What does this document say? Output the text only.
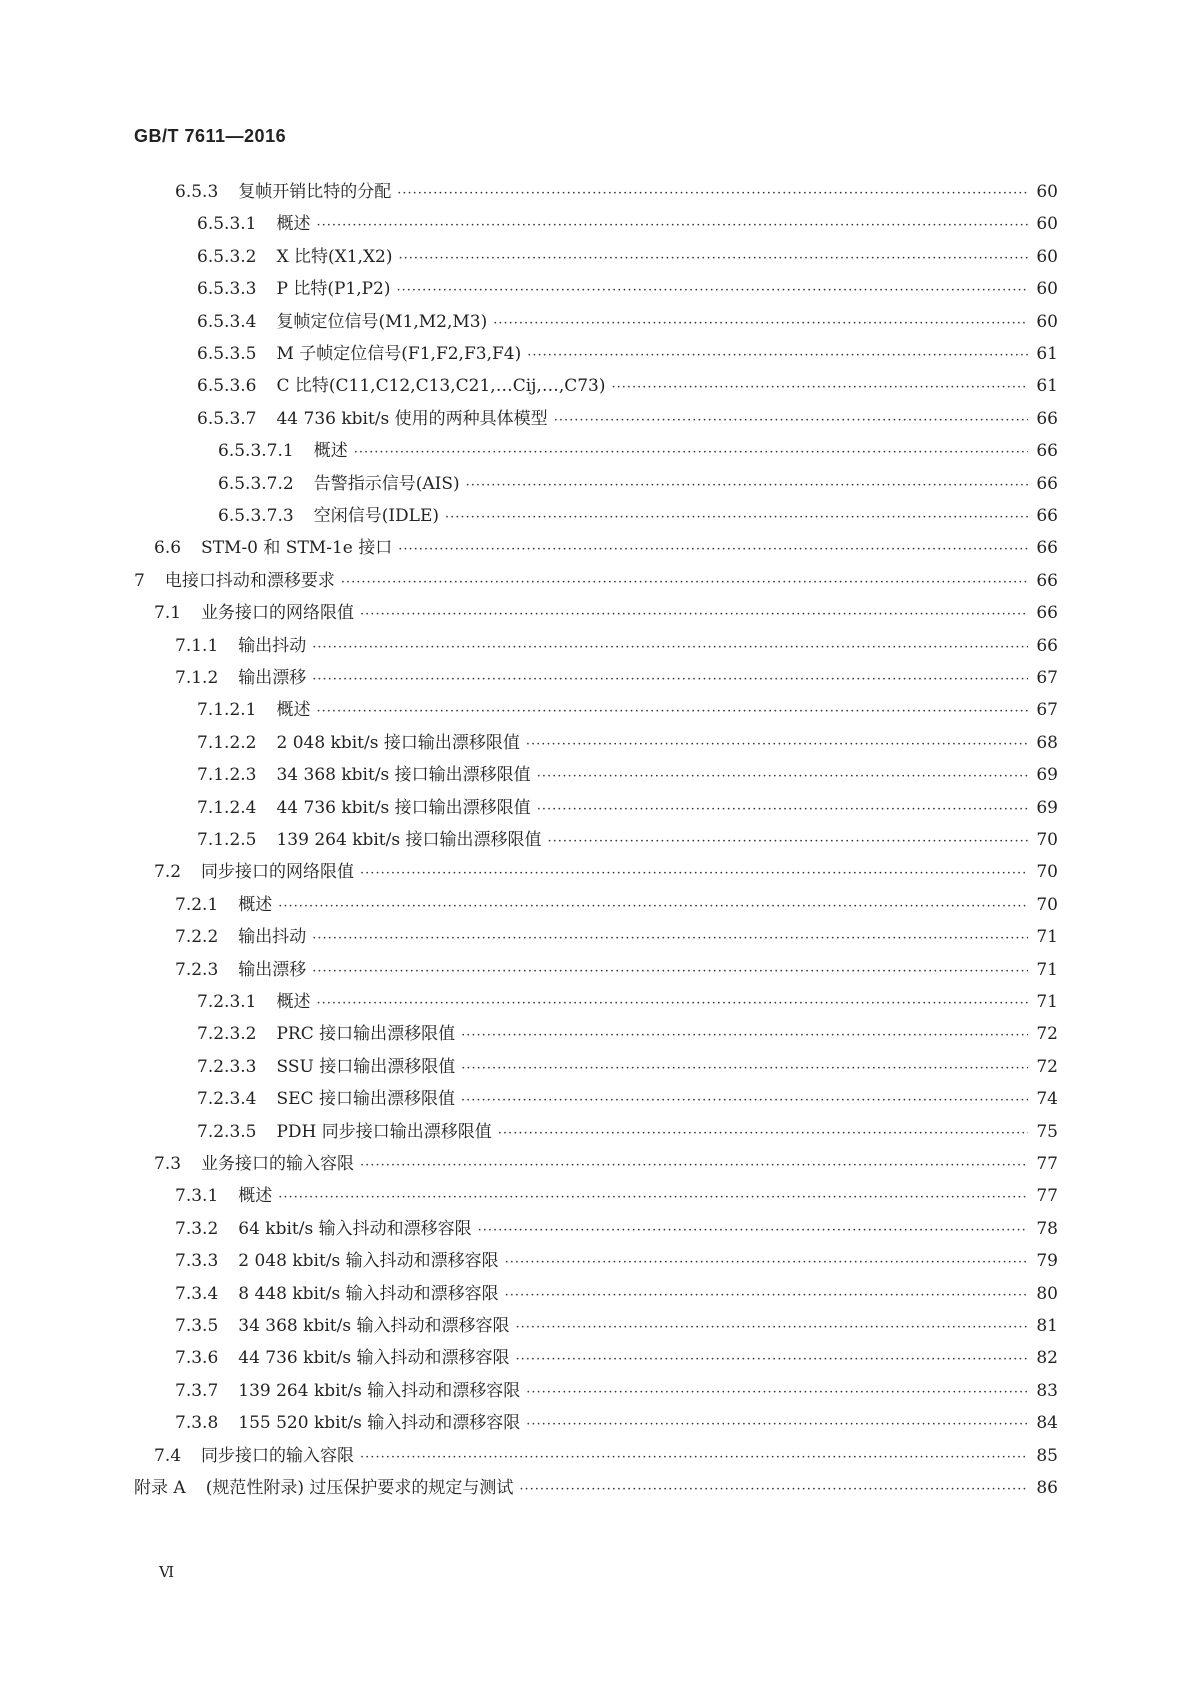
GB/T 7611—2016
6.5.3 复帧开销比特的分配 ·····	60
6.5.3.1 概述 ·····	60
6.5.3.2 X 比特(X1,X2) ·····	60
6.5.3.3 P 比特(P1,P2) ·····	60
6.5.3.4 复帧定位信号(M1,M2,M3) ·····	60
6.5.3.5 M 子帧定位信号(F1,F2,F3,F4) ·····	61
6.5.3.6 C 比特(C11,C12,C13,C21,…Cij,…,C73) ·····	61
6.5.3.7 44 736 kbit/s 使用的两种具体模型 ·····	66
6.5.3.7.1 概述 ·····	66
6.5.3.7.2 告警指示信号(AIS) ·····	66
6.5.3.7.3 空闲信号(IDLE) ·····	66
6.6 STM-0 和 STM-1e 接口 ·····	66
7 电接口抖动和漂移要求 ·····	66
7.1 业务接口的网络限值 ·····	66
7.1.1 输出抖动 ·····	66
7.1.2 输出漂移 ·····	67
7.1.2.1 概述 ·····	67
7.1.2.2 2 048 kbit/s 接口输出漂移限值 ·····	68
7.1.2.3 34 368 kbit/s 接口输出漂移限值 ·····	69
7.1.2.4 44 736 kbit/s 接口输出漂移限值 ·····	69
7.1.2.5 139 264 kbit/s 接口输出漂移限值 ·····	70
7.2 同步接口的网络限值 ·····	70
7.2.1 概述 ·····	70
7.2.2 输出抖动 ·····	71
7.2.3 输出漂移 ·····	71
7.2.3.1 概述 ·····	71
7.2.3.2 PRC 接口输出漂移限值 ·····	72
7.2.3.3 SSU 接口输出漂移限值 ·····	72
7.2.3.4 SEC 接口输出漂移限值 ·····	74
7.2.3.5 PDH 同步接口输出漂移限值 ·····	75
7.3 业务接口的输入容限 ·····	77
7.3.1 概述 ·····	77
7.3.2 64 kbit/s 输入抖动和漂移容限 ·····	78
7.3.3 2 048 kbit/s 输入抖动和漂移容限 ·····	79
7.3.4 8 448 kbit/s 输入抖动和漂移容限 ·····	80
7.3.5 34 368 kbit/s 输入抖动和漂移容限 ·····	81
7.3.6 44 736 kbit/s 输入抖动和漂移容限 ·····	82
7.3.7 139 264 kbit/s 输入抖动和漂移容限 ·····	83
7.3.8 155 520 kbit/s 输入抖动和漂移容限 ·····	84
7.4 同步接口的输入容限 ·····	85
附录 A (规范性附录) 过压保护要求的规定与测试 ·····	86
Ⅵ
